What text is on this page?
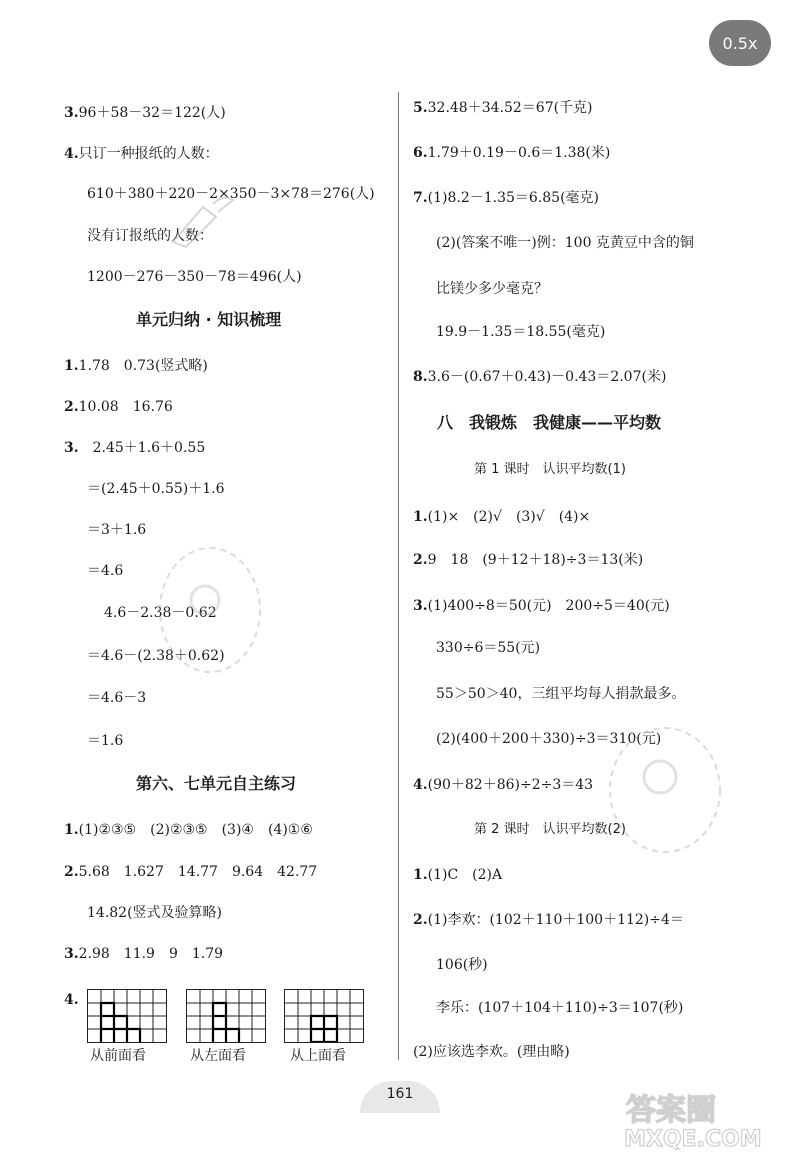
0.5x
3.96＋58－32＝122(人)
4.只订一种报纸的人数：
610＋380＋220－2×350－3×78＝276(人)
没有订报纸的人数：
1200－276－350－78＝496(人)
单元归纳 · 知识梳理
1.1.78　0.73(竖式略)
2.10.08　16.76
3.　2.45＋1.6＋0.55
＝(2.45＋0.55)＋1.6
＝3＋1.6
＝4.6
4.6－2.38－0.62
＝4.6－(2.38＋0.62)
＝4.6－3
＝1.6
第六、七单元自主练习
1.(1)②③⑤　(2)②③⑤　(3)④　(4)①⑥
2.5.68　1.627　14.77　9.64　42.77
14.82(竖式及验算略)
3.2.98　11.9　9　1.79
4.
从前面看	从左面看	从上面看
5.32.48＋34.52＝67(千克)
6.1.79＋0.19－0.6＝1.38(米)
7.(1)8.2－1.35＝6.85(毫克)
(2)(答案不唯一)例：100 克黄豆中含的铜
比镁少多少毫克？
19.9－1.35＝18.55(毫克)
8.3.6－(0.67＋0.43)－0.43＝2.07(米)
八　我锻炼　我健康——平均数
第 1 课时　认识平均数(1)
1.(1)×　(2)√　(3)√　(4)×
2.9　18　(9＋12＋18)÷3＝13(米)
3.(1)400÷8＝50(元)　200÷5＝40(元)
330÷6＝55(元)
55＞50＞40，三组平均每人捐款最多。
(2)(400＋200＋330)÷3＝310(元)
4.(90＋82＋86)÷2÷3＝43
第 2 课时　认识平均数(2)
1.(1)C　(2)A
2.(1)李欢：(102＋110＋100＋112)÷4＝
106(秒)
李乐：(107＋104＋110)÷3＝107(秒)
(2)应该选李欢。(理由略)
161	答案圈
MXQE.COM
